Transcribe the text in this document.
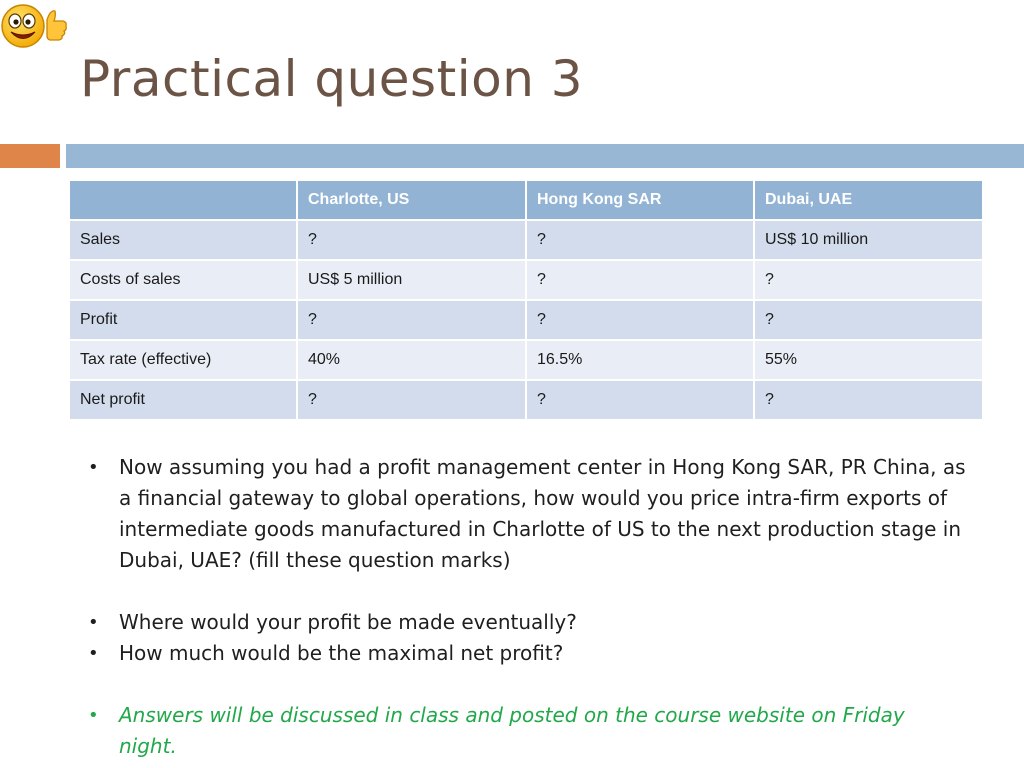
Practical question 3
	Charlotte, US	Hong Kong SAR	Dubai, UAE
Sales	?	?	US$ 10 million
Costs of sales	US$ 5 million	?	?
Profit	?	?	?
Tax rate (effective)	40%	16.5%	55%
Net profit	?	?	?
• Now assuming you had a profit management center in Hong Kong SAR, PR China, as a financial gateway to global operations, how would you price intra-firm exports of intermediate goods manufactured in Charlotte of US to the next production stage in Dubai, UAE? (fill these question marks)
• Where would your profit be made eventually?
• How much would be the maximal net profit?
• Answers will be discussed in class and posted on the course website on Friday night.
